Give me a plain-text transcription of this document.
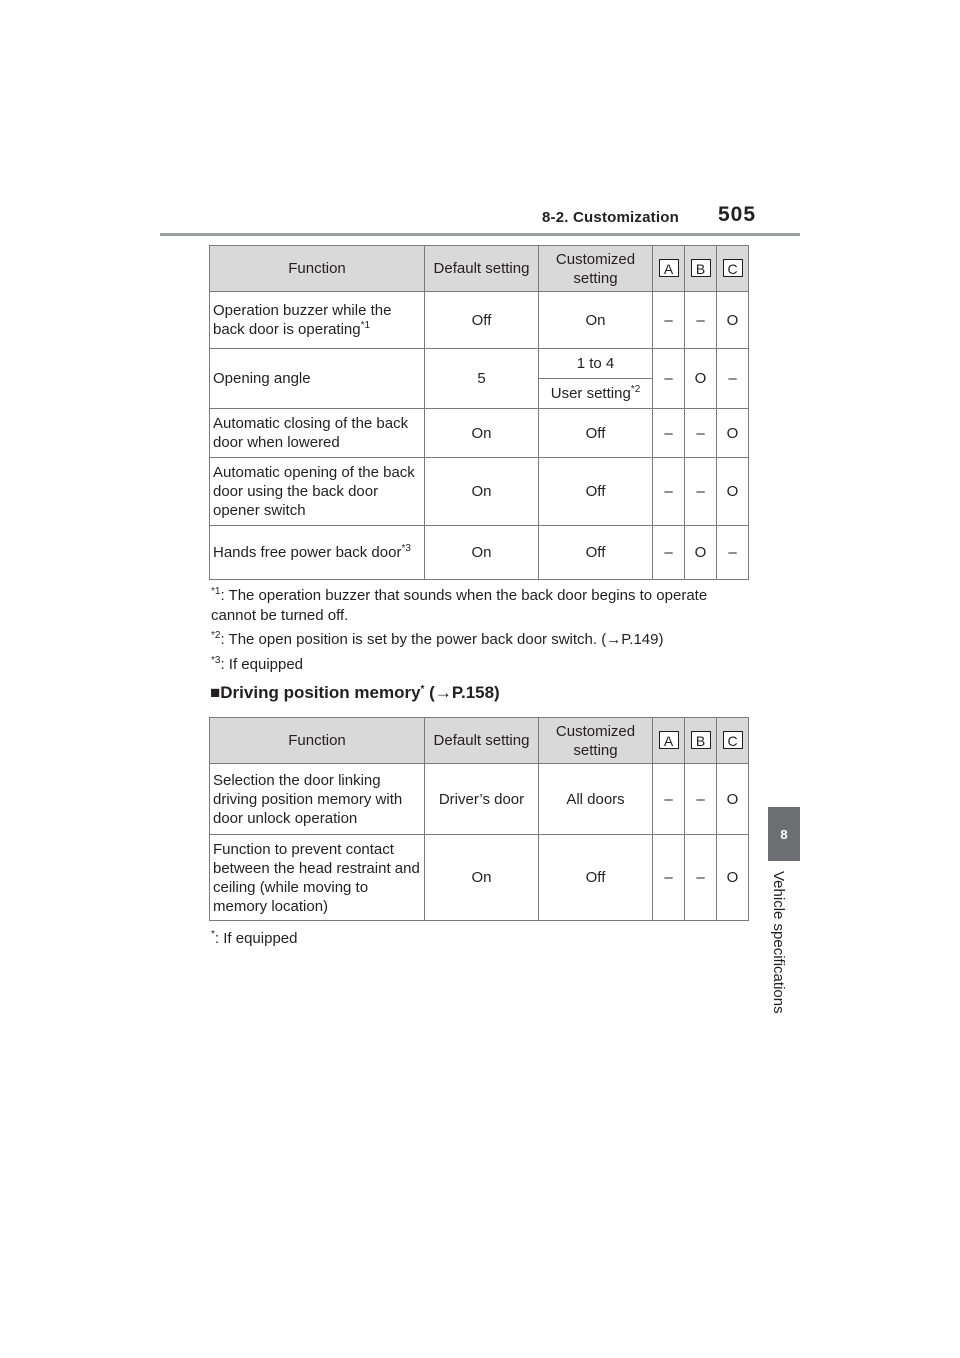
8-2. Customization 505
8
Vehicle specifications
Function	Default setting	Customized setting	A	B	C
Operation buzzer while the back door is operating$^{*1}$	Off	On	–	–	O
Opening angle	5	1 to 4	–	O	–
		User setting$^{*2}$
Automatic closing of the back door when lowered	On	Off	–	–	O
Automatic opening of the back door using the back door opener switch	On	Off	–	–	O
Hands free power back door$^{*3}$	On	Off	–	O	–
$^{*1}$: The operation buzzer that sounds when the back door begins to operate cannot be turned off.
$^{*2}$: The open position is set by the power back door switch. (→P.149)
$^{*3}$: If equipped
■Driving position memory* (→P.158)
Function	Default setting	Customized setting	A	B	C
Selection the door linking driving position memory with door unlock operation	Driver’s door	All doors	–	–	O
Function to prevent contact between the head restraint and ceiling (while moving to memory location)	On	Off	–	–	O
*: If equipped
